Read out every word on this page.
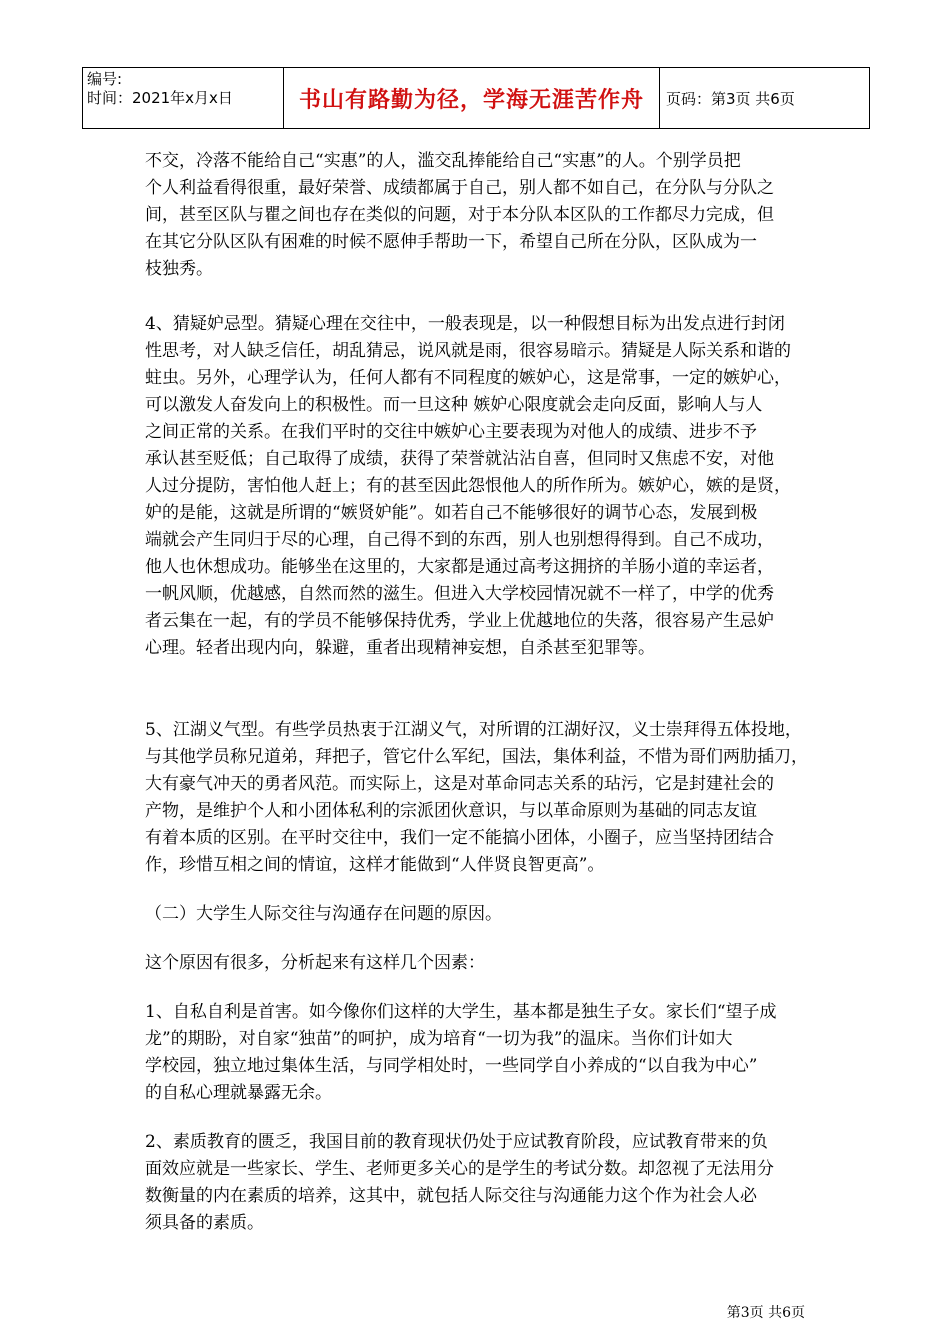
编号:
时间：2021年x月x日	书山有路勤为径，学海无涯苦作舟	页码：第3页 共6页

不交，冷落不能给自己“实惠”的人，滥交乱捧能给自己“实惠”的人。个别学员把
个人利益看得很重，最好荣誉、成绩都属于自己，别人都不如自己，在分队与分队之
间，甚至区队与瞿之间也存在类似的问题，对于本分队本区队的工作都尽力完成，但
在其它分队区队有困难的时候不愿伸手帮助一下，希望自己所在分队，区队成为一
枝独秀。

4、猜疑妒忌型。猜疑心理在交往中，一般表现是，以一种假想目标为出发点进行封闭
性思考，对人缺乏信任，胡乱猜忌，说风就是雨，很容易暗示。猜疑是人际关系和谐的
蛀虫。另外，心理学认为，任何人都有不同程度的嫉妒心，这是常事，一定的嫉妒心，
可以激发人奋发向上的积极性。而一旦这种 嫉妒心限度就会走向反面，影响人与人
之间正常的关系。在我们平时的交往中嫉妒心主要表现为对他人的成绩、进步不予
承认甚至贬低；自己取得了成绩，获得了荣誉就沾沾自喜，但同时又焦虑不安，对他
人过分提防，害怕他人赶上；有的甚至因此怨恨他人的所作所为。嫉妒心，嫉的是贤，
妒的是能，这就是所谓的“嫉贤妒能”。如若自己不能够很好的调节心态，发展到极
端就会产生同归于尽的心理，自己得不到的东西，别人也别想得得到。自己不成功，
他人也休想成功。能够坐在这里的，大家都是通过高考这拥挤的羊肠小道的幸运者，
一帆风顺，优越感，自然而然的滋生。但进入大学校园情况就不一样了，中学的优秀
者云集在一起，有的学员不能够保持优秀，学业上优越地位的失落，很容易产生忌妒
心理。轻者出现内向，躲避，重者出现精神妄想，自杀甚至犯罪等。

5、江湖义气型。有些学员热衷于江湖义气，对所谓的江湖好汉，义士崇拜得五体投地，
与其他学员称兄道弟，拜把子，管它什么军纪，国法，集体利益，不惜为哥们两肋插刀，
大有豪气冲天的勇者风范。而实际上，这是对革命同志关系的玷污，它是封建社会的
产物，是维护个人和小团体私利的宗派团伙意识，与以革命原则为基础的同志友谊
有着本质的区别。在平时交往中，我们一定不能搞小团体，小圈子，应当坚持团结合
作，珍惜互相之间的情谊，这样才能做到“人伴贤良智更高”。

（二）大学生人际交往与沟通存在问题的原因。

这个原因有很多，分析起来有这样几个因素：

1、自私自利是首害。如今像你们这样的大学生，基本都是独生子女。家长们“望子成
龙”的期盼，对自家“独苗”的呵护，成为培育“一切为我”的温床。当你们计如大
学校园，独立地过集体生活，与同学相处时，一些同学自小养成的“以自我为中心”
的自私心理就暴露无余。

2、素质教育的匮乏，我国目前的教育现状仍处于应试教育阶段，应试教育带来的负
面效应就是一些家长、学生、老师更多关心的是学生的考试分数。却忽视了无法用分
数衡量的内在素质的培养，这其中，就包括人际交往与沟通能力这个作为社会人必
须具备的素质。

第3页 共6页
